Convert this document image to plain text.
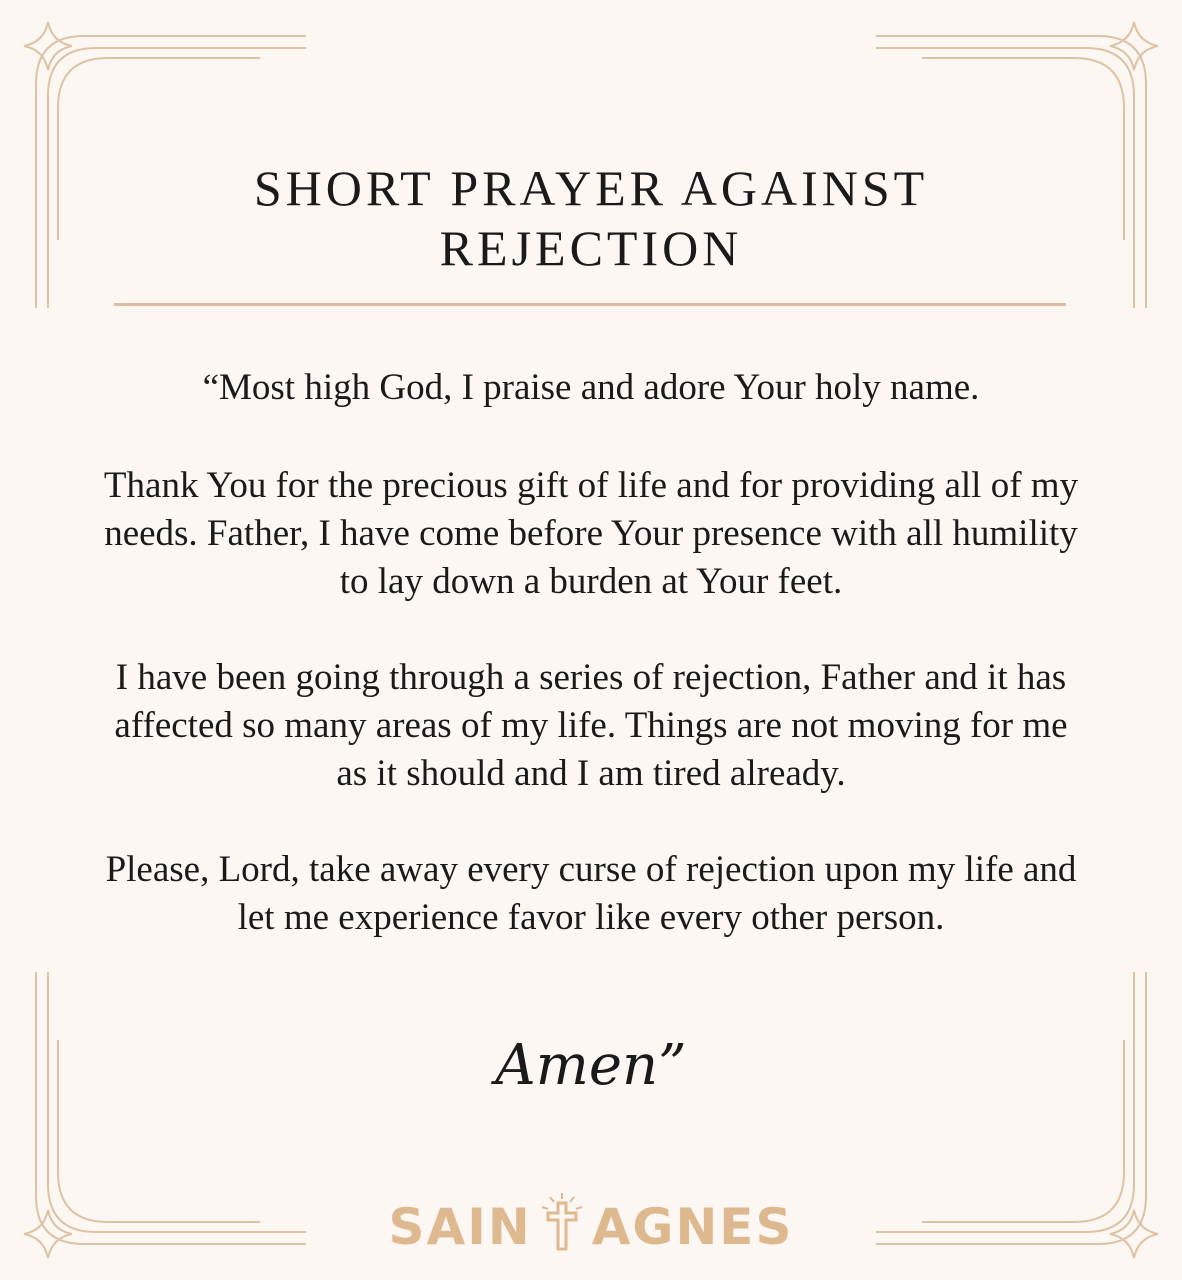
SHORT PRAYER AGAINST
REJECTION

“Most high God, I praise and adore Your holy name.

Thank You for the precious gift of life and for providing all of my needs. Father, I have come before Your presence with all humility to lay down a burden at Your feet.

I have been going through a series of rejection, Father and it has affected so many areas of my life. Things are not moving for me as it should and I am tired already.

Please, Lord, take away every curse of rejection upon my life and let me experience favor like every other person.

Amen”

SAIN AGNES
